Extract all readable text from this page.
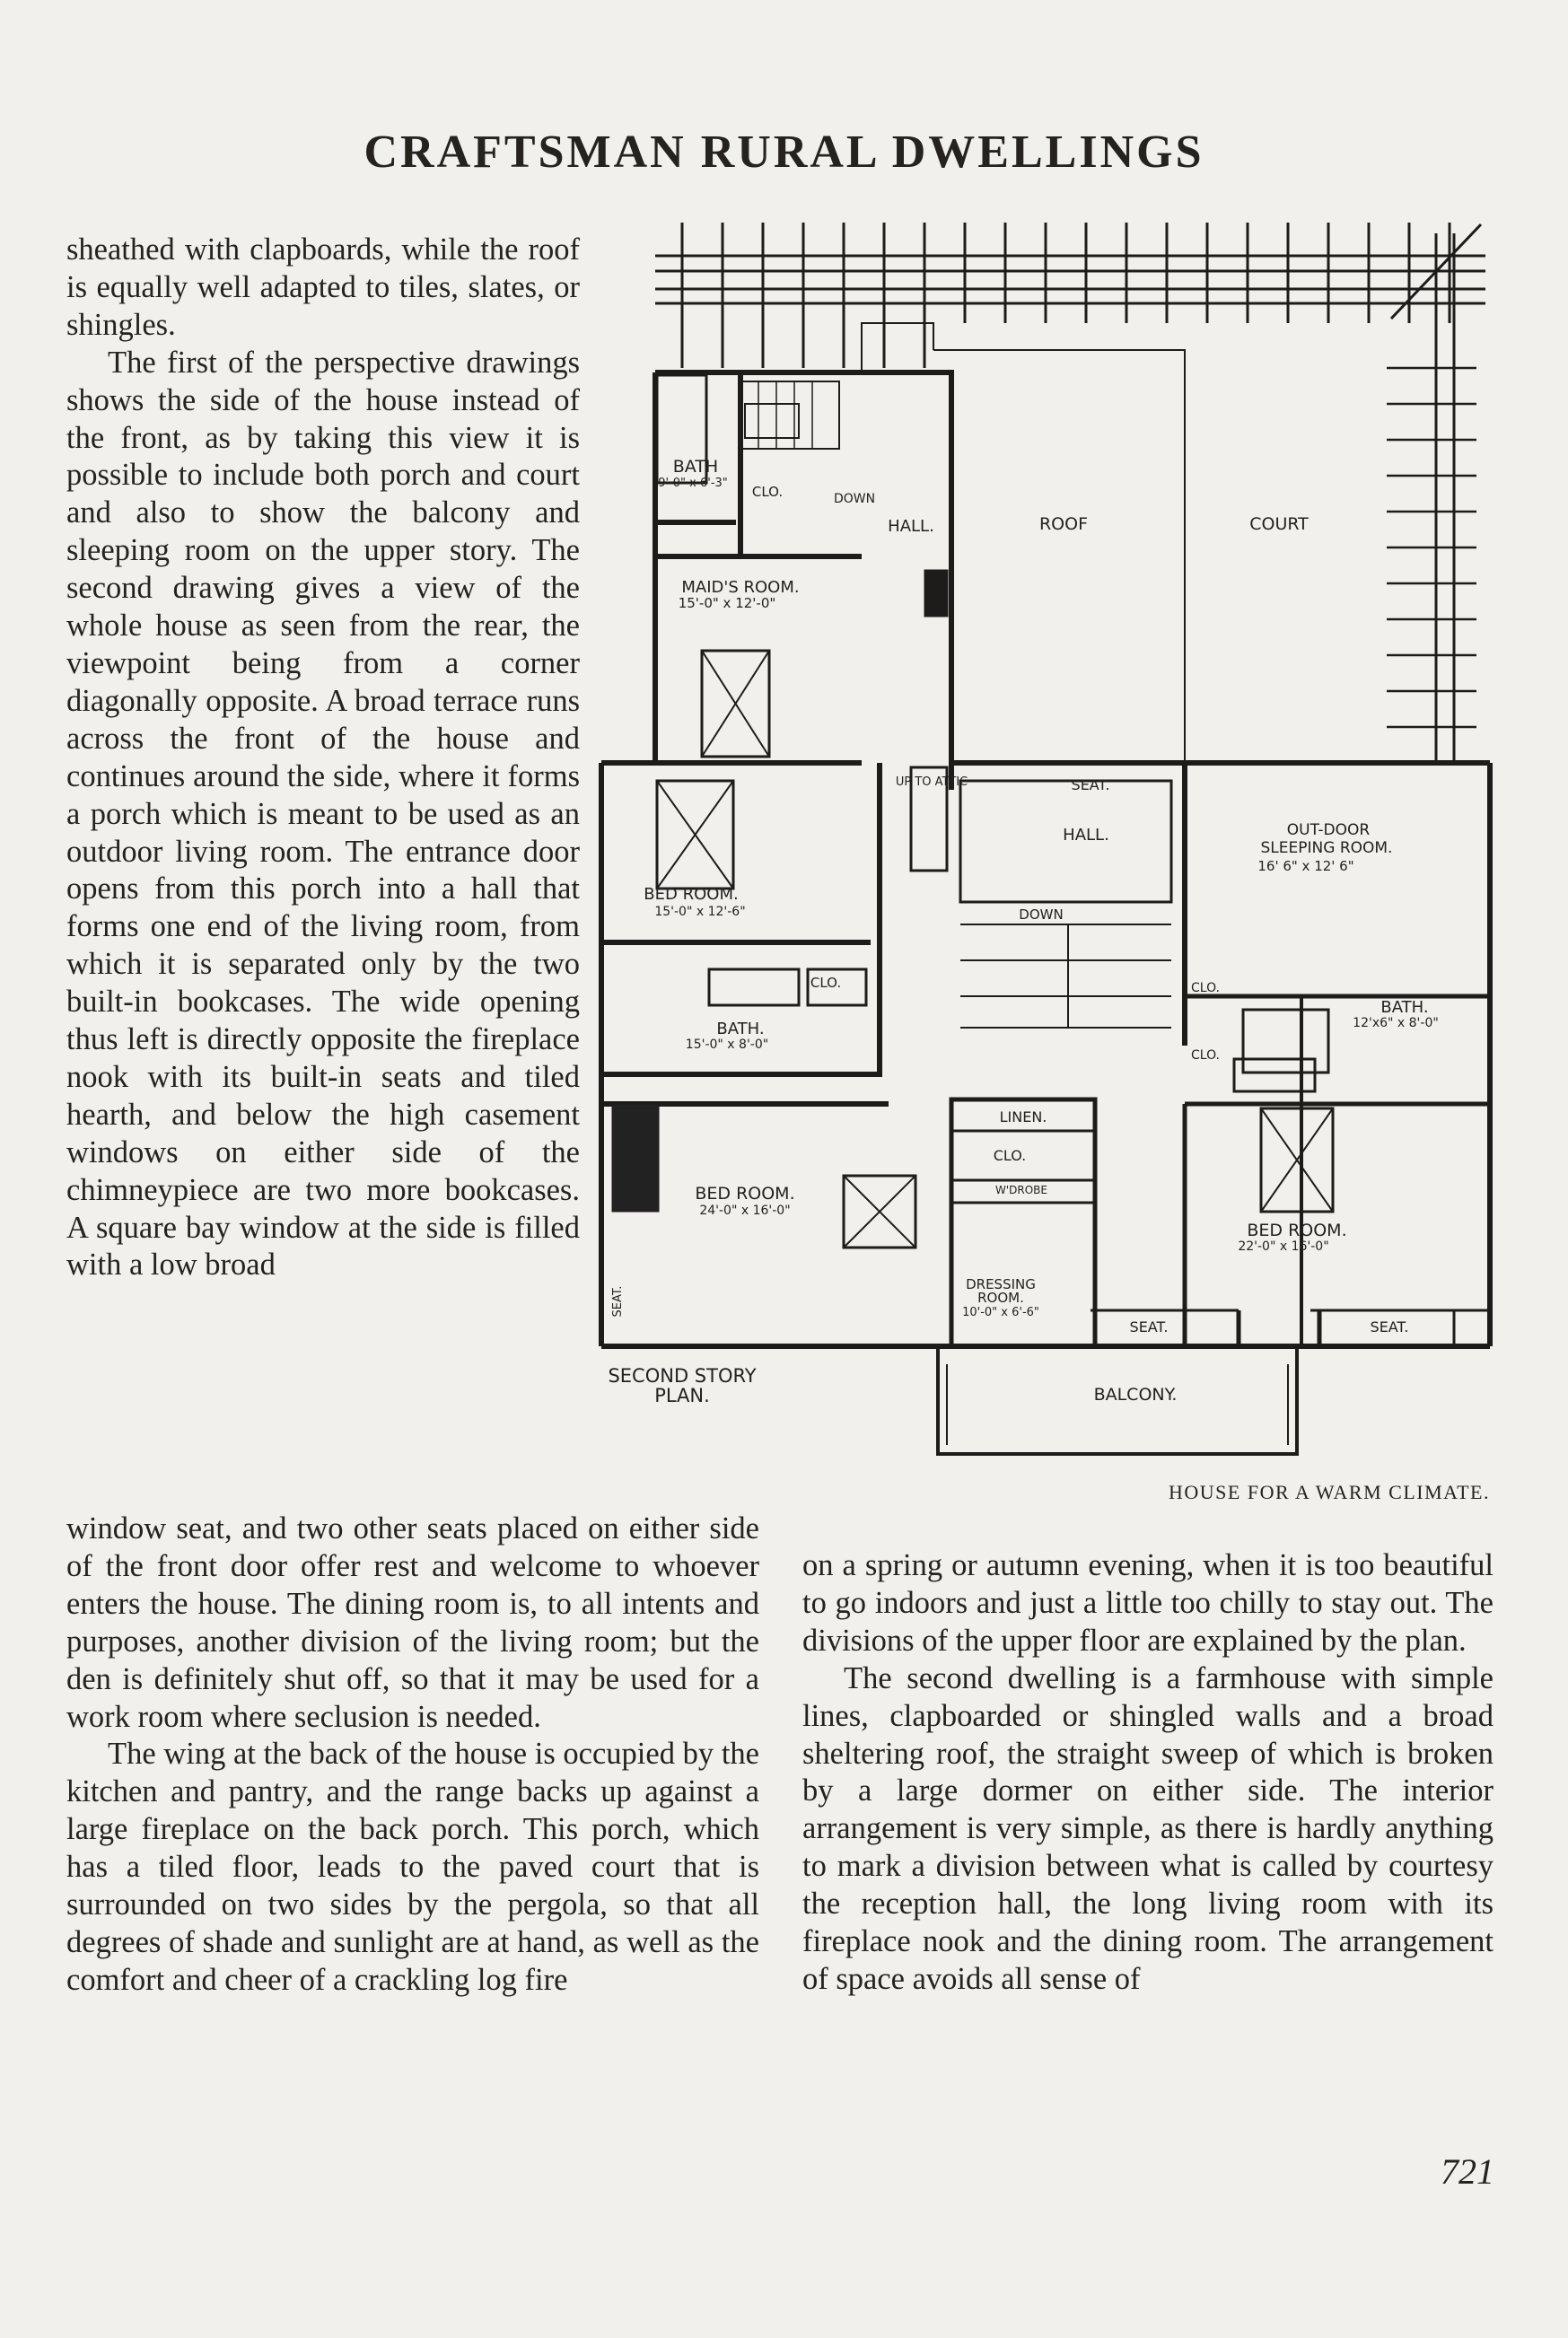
CRAFTSMAN RURAL DWELLINGS

sheathed with clapboards, while the roof is equally well adapted to tiles, slates, or shingles.

The first of the perspective drawings shows the side of the house instead of the front, as by taking this view it is possible to include both porch and court and also to show the balcony and sleeping room on the upper story. The second drawing gives a view of the whole house as seen from the rear, the viewpoint being from a corner diagonally opposite. A broad terrace runs across the front of the house and continues around the side, where it forms a porch which is meant to be used as an outdoor living room. The entrance door opens from this porch into a hall that forms one end of the living room, from which it is separated only by the two built-in bookcases. The wide opening thus left is directly opposite the fireplace nook with its built-in seats and tiled hearth, and below the high casement windows on either side of the chimneypiece are two more bookcases. A square bay window at the side is filled with a low broad

BATH
9'-0" x 6'-3"
CLO.	DOWN
HALL.	ROOF	COURT
MAID'S ROOM.
15'-0" x 12'-0"
SEAT.
UP TO ATTIC
HALL.
DOWN
OUT-DOOR
SLEEPING ROOM.
16' 6" x 12' 6"
BED ROOM.
15'-0" x 12'-6"
CLO.
BATH.
15'-0" x 8'-0"
CLO.
CLO.
BATH.
12'x6" x 8'-0"
LINEN.
CLO.
W'DROBE
BED ROOM.
24'-0" x 16'-0"
BED ROOM.
22'-0" x 16'-0"
DRESSING
ROOM.
10'-0" x 6'-6"
SEAT.
SEAT.	SEAT.
BALCONY.
SECOND STORY
PLAN.
HOUSE FOR A WARM CLIMATE.

window seat, and two other seats placed on either side of the front door offer rest and welcome to whoever enters the house. The dining room is, to all intents and purposes, another division of the living room; but the den is definitely shut off, so that it may be used for a work room where seclusion is needed.

The wing at the back of the house is occupied by the kitchen and pantry, and the range backs up against a large fireplace on the back porch. This porch, which has a tiled floor, leads to the paved court that is surrounded on two sides by the pergola, so that all degrees of shade and sunlight are at hand, as well as the comfort and cheer of a crackling log fire

on a spring or autumn evening, when it is too beautiful to go indoors and just a little too chilly to stay out. The divisions of the upper floor are explained by the plan.

The second dwelling is a farmhouse with simple lines, clapboarded or shingled walls and a broad sheltering roof, the straight sweep of which is broken by a large dormer on either side. The interior arrangement is very simple, as there is hardly anything to mark a division between what is called by courtesy the reception hall, the long living room with its fireplace nook and the dining room. The arrangement of space avoids all sense of

721
